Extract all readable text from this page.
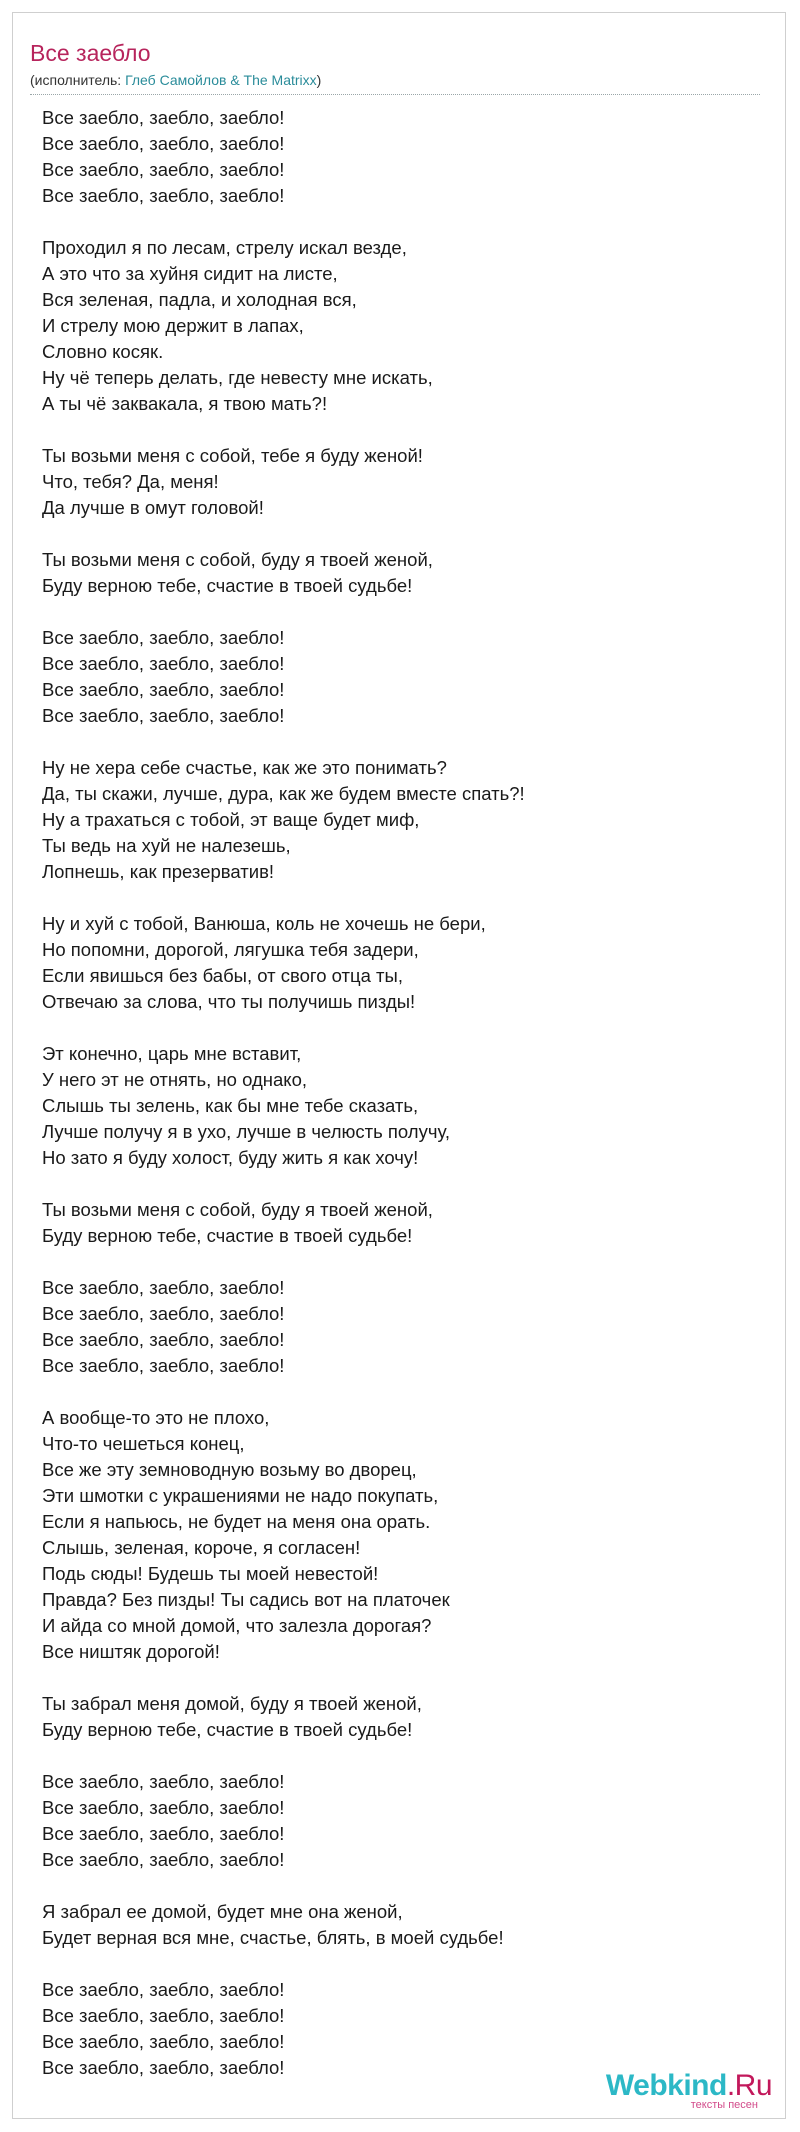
Все заебло
(исполнитель: Глеб Самойлов & The Matrixx)
Все заебло, заебло, заебло!
Все заебло, заебло, заебло!
Все заебло, заебло, заебло!
Все заебло, заебло, заебло!
Проходил я по лесам, стрелу искал везде,
А это что за хуйня сидит на листе,
Вся зеленая, падла, и холодная вся,
И стрелу мою держит в лапах,
Словно косяк.
Ну чё теперь делать, где невесту мне искать,
А ты чё заквакала, я твою мать?!
Ты возьми меня с собой, тебе я буду женой!
Что, тебя? Да, меня!
Да лучше в омут головой!
Ты возьми меня с собой, буду я твоей женой,
Буду верною тебе, счастие в твоей судьбе!
Все заебло, заебло, заебло!
Все заебло, заебло, заебло!
Все заебло, заебло, заебло!
Все заебло, заебло, заебло!
Ну не хера себе счастье, как же это понимать?
Да, ты скажи, лучше, дура, как же будем вместе спать?!
Ну а трахаться с тобой, эт ваще будет миф,
Ты ведь на хуй не налезешь,
Лопнешь, как презерватив!
Ну и хуй с тобой, Ванюша, коль не хочешь не бери,
Но попомни, дорогой, лягушка тебя задери,
Если явишься без бабы, от свого отца ты,
Отвечаю за слова, что ты получишь пизды!
Эт конечно, царь мне вставит,
У него эт не отнять, но однако,
Слышь ты зелень, как бы мне тебе сказать,
Лучше получу я в ухо, лучше в челюсть получу,
Но зато я буду холост, буду жить я как хочу!
Ты возьми меня с собой, буду я твоей женой,
Буду верною тебе, счастие в твоей судьбе!
Все заебло, заебло, заебло!
Все заебло, заебло, заебло!
Все заебло, заебло, заебло!
Все заебло, заебло, заебло!
А вообще-то это не плохо,
Что-то чешеться конец,
Все же эту земноводную возьму во дворец,
Эти шмотки с украшениями не надо покупать,
Если я напьюсь, не будет на меня она орать.
Слышь, зеленая, короче, я согласен!
Подь сюды! Будешь ты моей невестой!
Правда? Без пизды! Ты садись вот на платочек
И айда со мной домой, что залезла дорогая?
Все ништяк дорогой!
Ты забрал меня домой, буду я твоей женой,
Буду верною тебе, счастие в твоей судьбе!
Все заебло, заебло, заебло!
Все заебло, заебло, заебло!
Все заебло, заебло, заебло!
Все заебло, заебло, заебло!
Я забрал ее домой, будет мне она женой,
Будет верная вся мне, счастье, блять, в моей судьбе!
Все заебло, заебло, заебло!
Все заебло, заебло, заебло!
Все заебло, заебло, заебло!
Все заебло, заебло, заебло!
Webkind.Ru
тексты песен
